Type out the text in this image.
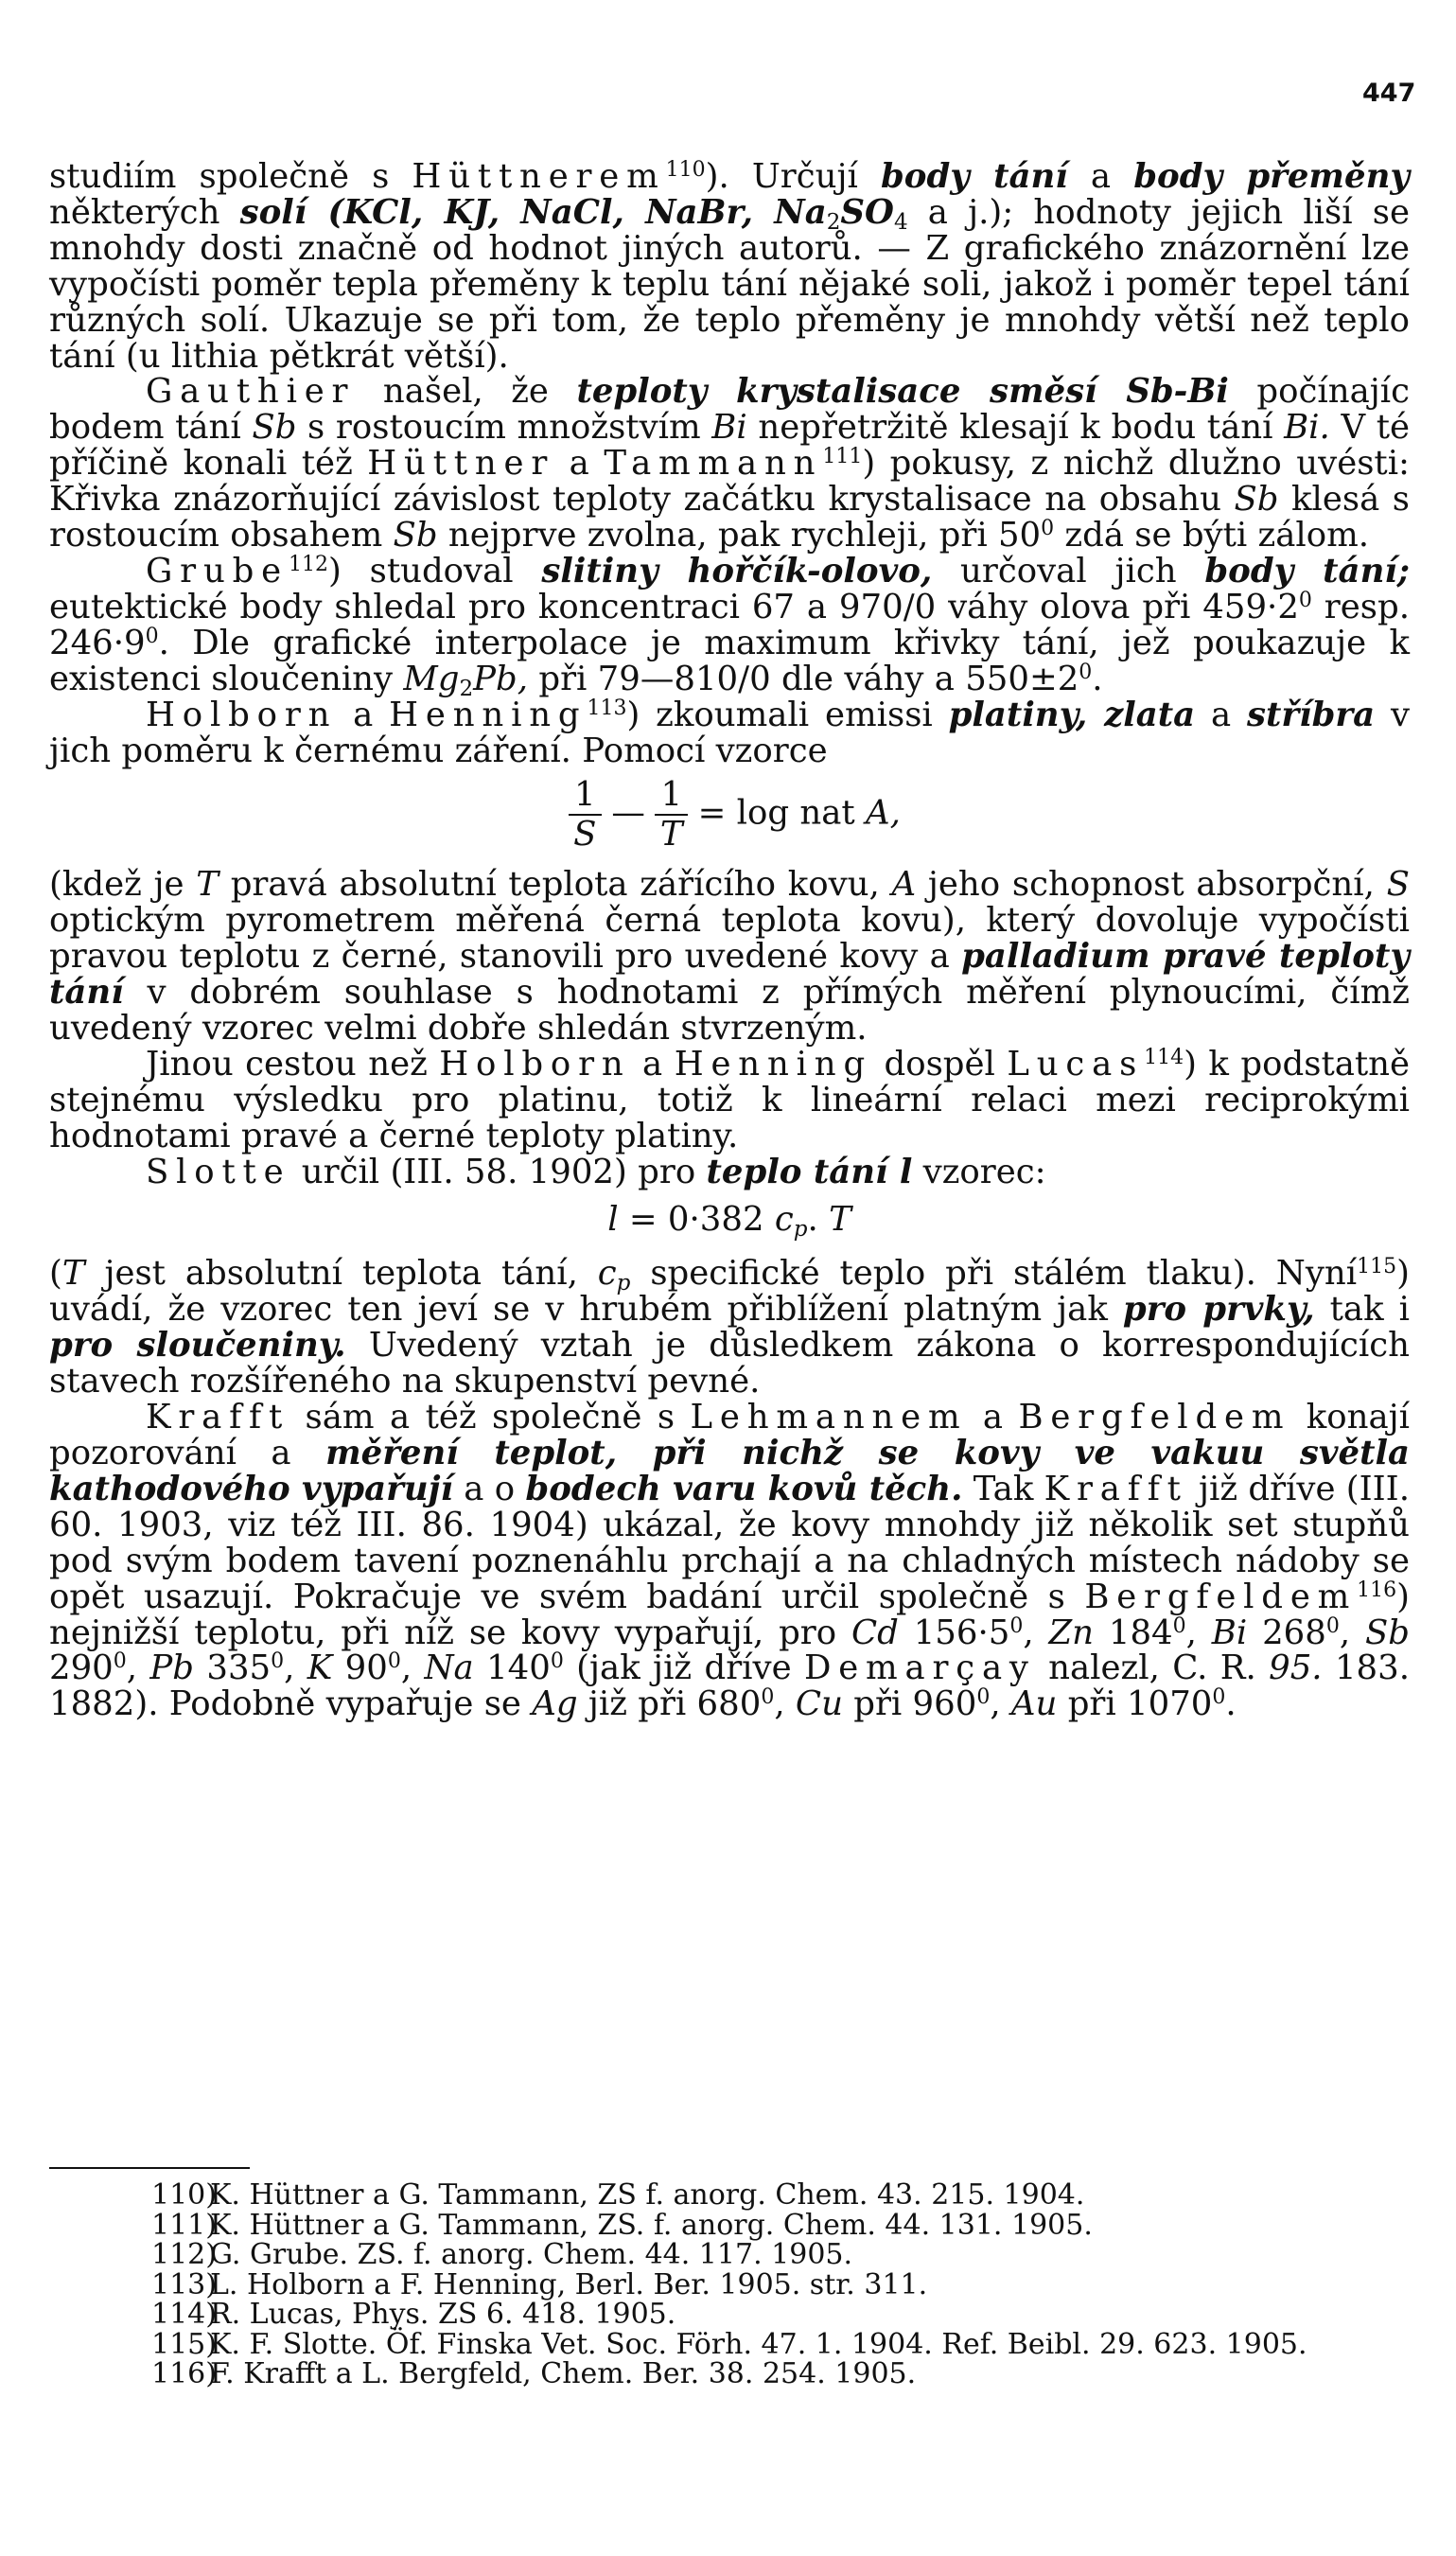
447

studiím společně s Hüttnerem$^{110}$). Určují body tání a body přeměny některých solí (KCl, KJ, NaCl, NaBr, $Na_2SO_4$ a j.); hodnoty jejich liší se mnohdy dosti značně od hodnot jiných autorů. — Z grafického znázornění lze vypočísti poměr tepla přeměny k teplu tání nějaké soli, jakož i poměr tepel tání různých solí. Ukazuje se při tom, že teplo přeměny je mnohdy větší než teplo tání (u lithia pětkrát větší).

Gauthier našel, že teploty krystalisace směsí Sb-Bi počínajíc bodem tání Sb s rostoucím množstvím Bi nepřetržitě klesají k bodu tání Bi. V té příčině konali též Hüttner a Tammann$^{111}$) pokusy, z nichž dlužno uvésti: Křivka znázorňující závislost teploty začátku krystalisace na obsahu Sb klesá s rostoucím obsahem Sb nejprve zvolna, pak rychleji, při $50^0$ zdá se býti zálom.

Grube$^{112}$) studoval slitiny hořčík-olovo, určoval jich body tání; eutektické body shledal pro koncentraci 67 a 970/0 váhy olova při $459\cdot 2^0$ resp. $246\cdot 9^0$. Dle grafické interpolace je maximum křivky tání, jež poukazuje k existenci sloučeniny $Mg_2Pb$, při 79—810/0 dle váhy a $550\pm 2^0$.

Holborn a Henning$^{113}$) zkoumali emissi platiny, zlata a stříbra v jich poměru k černému záření. Pomocí vzorce

$\frac{1}{S}$ — $\frac{1}{T} = \log$ nat A,

(kdež je T pravá absolutní teplota zářícího kovu, A jeho schopnost absorpční, S optickým pyrometrem měřená černá teplota kovu), který dovoluje vypočísti pravou teplotu z černé, stanovili pro uvedené kovy a palladium pravé teploty tání v dobrém souhlase s hodnotami z přímých měření plynoucími, čímž uvedený vzorec velmi dobře shledán stvrzeným.

Jinou cestou než Holborn a Henning dospěl Lucas$^{114}$) k podstatně stejnému výsledku pro platinu, totiž k lineární relaci mezi reciprokými hodnotami pravé a černé teploty platiny.

Slotte určil (III. 58. 1902) pro teplo tání l vzorec:

l = 0·382 $c_p$. T

(T jest absolutní teplota tání, $c_p$ specifické teplo při stálém tlaku). Nyní$^{115}$) uvádí, že vzorec ten jeví se v hrubém přiblížení platným jak pro prvky, tak i pro sloučeniny. Uvedený vztah je důsledkem zákona o korrespondujících stavech rozšířeného na skupenství pevné.

Krafft sám a též společně s Lehmannem a Bergfeldem konají pozorování a měření teplot, při nichž se kovy ve vakuu světla kathodového vypařují a o bodech varu kovů těch. Tak Krafft již dříve (III. 60. 1903, viz též III. 86. 1904) ukázal, že kovy mnohdy již několik set stupňů pod svým bodem tavení poznenáhlu prchají a na chladných místech nádoby se opět usazují. Pokračuje ve svém badání určil společně s Bergfeldem$^{116}$) nejnižší teplotu, při níž se kovy vypařují, pro Cd $156\cdot 5^0$, Zn $184^0$, Bi $268^0$, Sb $290^0$, Pb $335^0$, K $90^0$, Na $140^0$ (jak již dříve Demarçay nalezl, C. R. 95. 183. 1882). Podobně vypařuje se Ag již při $680^0$, Cu při $960^0$, Au při 1070$^0$.

110)K. Hüttner a G. Tammann, ZS f. anorg. Chem. 43. 215. 1904.
111)K. Hüttner a G. Tammann, ZS. f. anorg. Chem. 44. 131. 1905.
112)G. Grube. ZS. f. anorg. Chem. 44. 117. 1905.
113)L. Holborn a F. Henning, Berl. Ber. 1905. str. 311.
114)R. Lucas, Phys. ZS 6. 418. 1905.
115)K. F. Slotte. Öf. Finska Vet. Soc. Förh. 47. 1. 1904. Ref. Beibl. 29. 623. 1905.
116)F. Krafft a L. Bergfeld, Chem. Ber. 38. 254. 1905.
